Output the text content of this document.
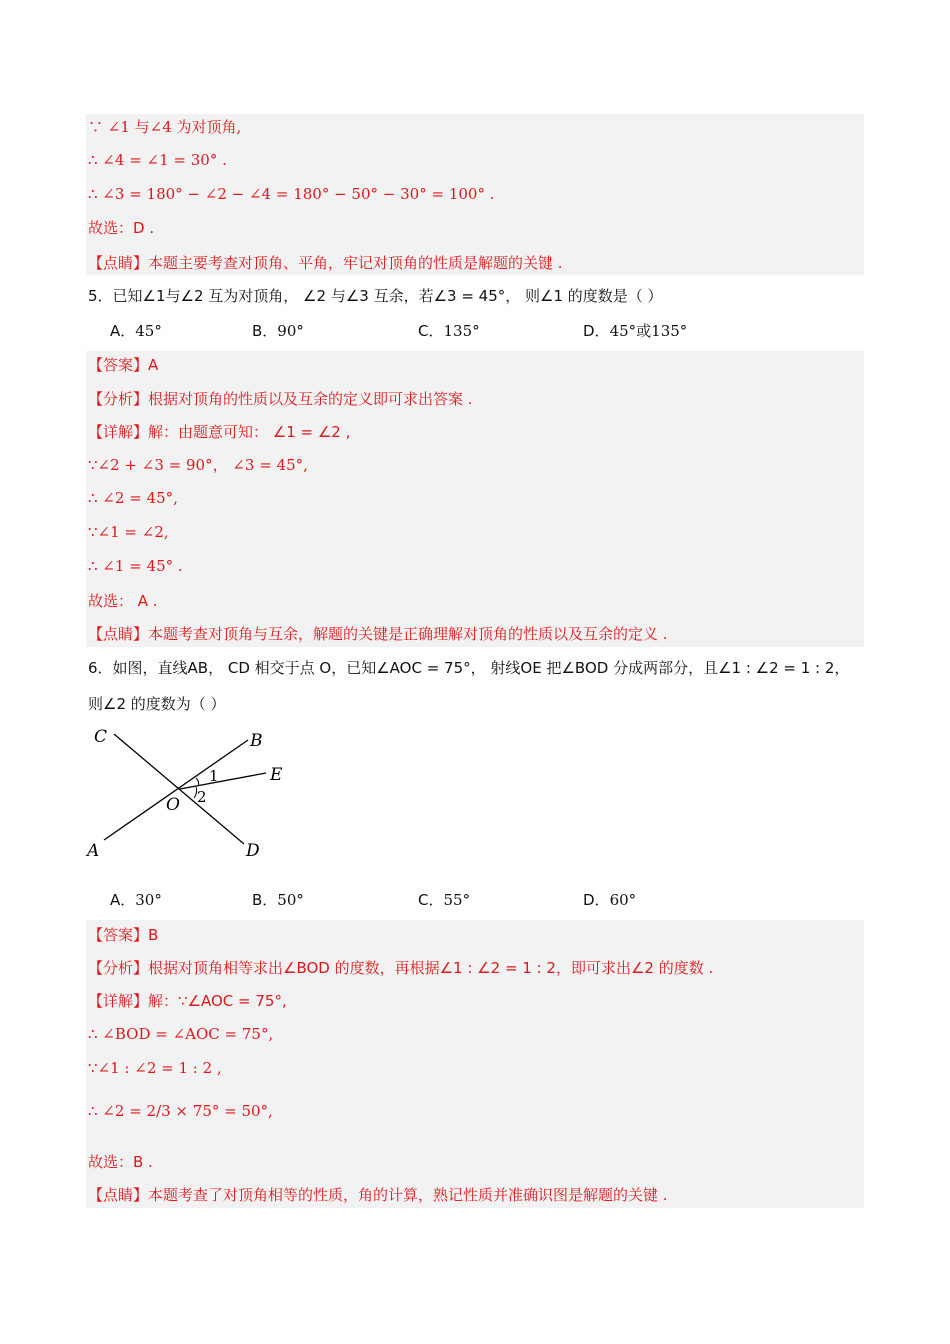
∵ ∠1 与∠4 为对顶角,
∴ ∠4 = ∠1 = 30° .
∴ ∠3 = 180° − ∠2 − ∠4 = 180° − 50° − 30° = 100° .
故选：D .
【点睛】本题主要考查对顶角、平角，牢记对顶角的性质是解题的关键 .
5．已知∠1与∠2 互为对顶角， ∠2 与∠3 互余，若∠3 = 45°， 则∠1 的度数是（ ）
A．45°	B．90°	C．135°	D．45°或135°
【答案】A
【分析】根据对顶角的性质以及互余的定义即可求出答案 .
【详解】解：由题意可知： ∠1 = ∠2 ,
∵∠2 + ∠3 = 90°， ∠3 = 45°,
∴ ∠2 = 45°,
∵∠1 = ∠2,
∴ ∠1 = 45° .
故选： A .
【点睛】本题考查对顶角与互余，解题的关键是正确理解对顶角的性质以及互余的定义 .
6．如图，直线AB， CD 相交于点 O，已知∠AOC = 75°， 射线OE 把∠BOD 分成两部分，且∠1 : ∠2 = 1 : 2，
则∠2 的度数为（ ）
C	B
E
O
A	D
1
2
A．30°	B．50°	C．55°	D．60°
【答案】B
【分析】根据对顶角相等求出∠BOD 的度数，再根据∠1 : ∠2 = 1 : 2，即可求出∠2 的度数 .
【详解】解：∵∠AOC = 75°,
∴ ∠BOD = ∠AOC = 75°,
∵∠1 : ∠2 = 1 : 2 ,
∴ ∠2 = 2/3 × 75° = 50°,
故选：B .
【点睛】本题考查了对顶角相等的性质，角的计算，熟记性质并准确识图是解题的关键 .
